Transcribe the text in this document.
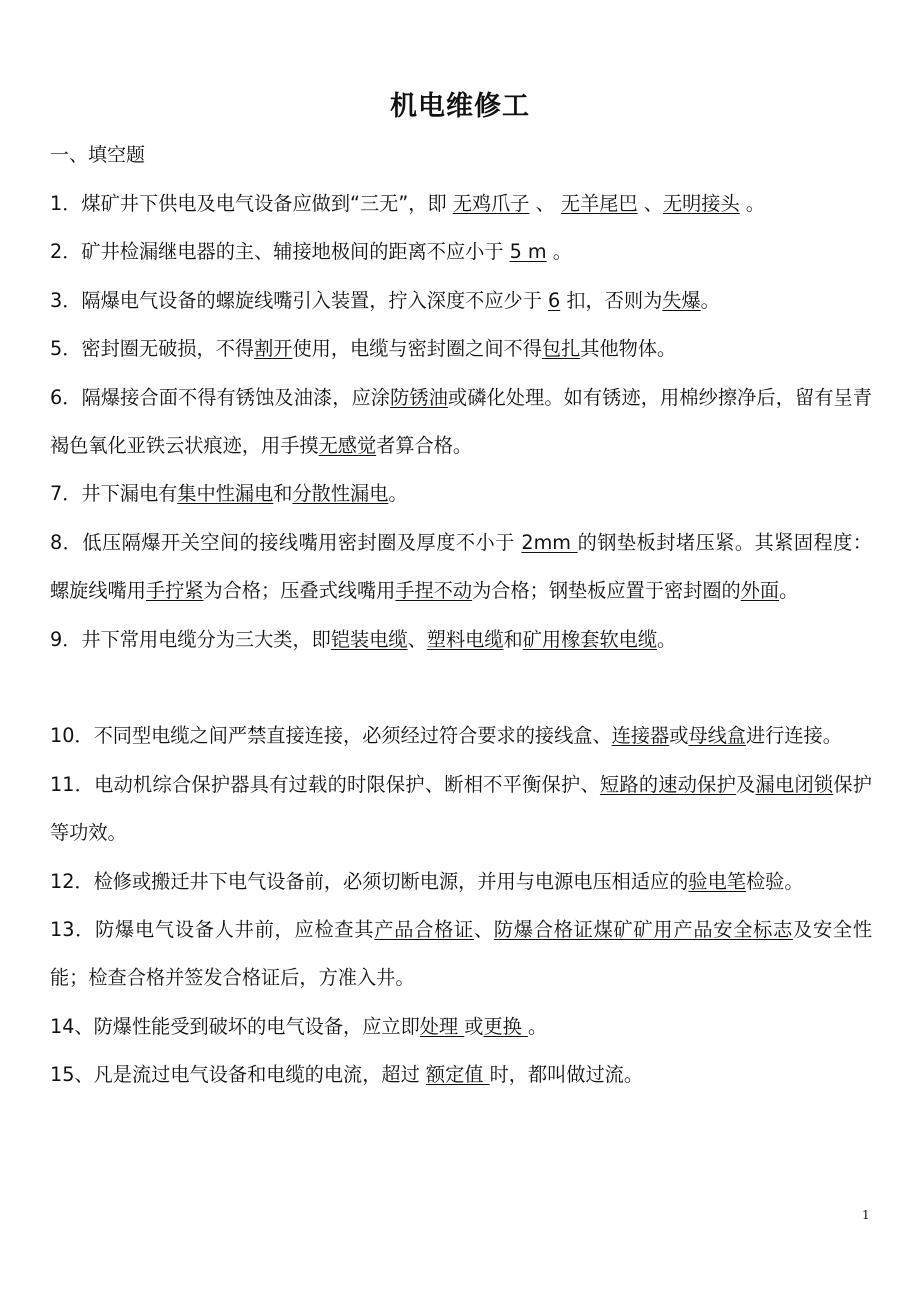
机电维修工
一、填空题

1．煤矿井下供电及电气设备应做到“三无”，即 无鸡爪子 、 无羊尾巴 、无明接头 。

2．矿井检漏继电器的主、辅接地极间的距离不应小于 5 m 。

3．隔爆电气设备的螺旋线嘴引入装置，拧入深度不应少于 6 扣，否则为失爆。

5．密封圈无破损，不得割开使用，电缆与密封圈之间不得包扎其他物体。

6．隔爆接合面不得有锈蚀及油漆，应涂防锈油或磷化处理。如有锈迹，用棉纱擦净后，留有呈青褐色氧化亚铁云状痕迹，用手摸无感觉者算合格。

7．井下漏电有集中性漏电和分散性漏电。

8．低压隔爆开关空间的接线嘴用密封圈及厚度不小于 2mm 的钢垫板封堵压紧。其紧固程度：螺旋线嘴用手拧紧为合格；压叠式线嘴用手捏不动为合格；钢垫板应置于密封圈的外面。

9．井下常用电缆分为三大类，即铠装电缆、塑料电缆和矿用橡套软电缆。

10．不同型电缆之间严禁直接连接，必须经过符合要求的接线盒、连接器或母线盒进行连接。

11．电动机综合保护器具有过载的时限保护、断相不平衡保护、短路的速动保护及漏电闭锁保护等功效。

12．检修或搬迁井下电气设备前，必须切断电源，并用与电源电压相适应的验电笔检验。

13．防爆电气设备人井前，应检查其产品合格证、防爆合格证煤矿矿用产品安全标志及安全性能；检查合格并签发合格证后，方准入井。

14、防爆性能受到破坏的电气设备，应立即处理 或更换 。

15、凡是流过电气设备和电缆的电流，超过 额定值 时，都叫做过流。

1
